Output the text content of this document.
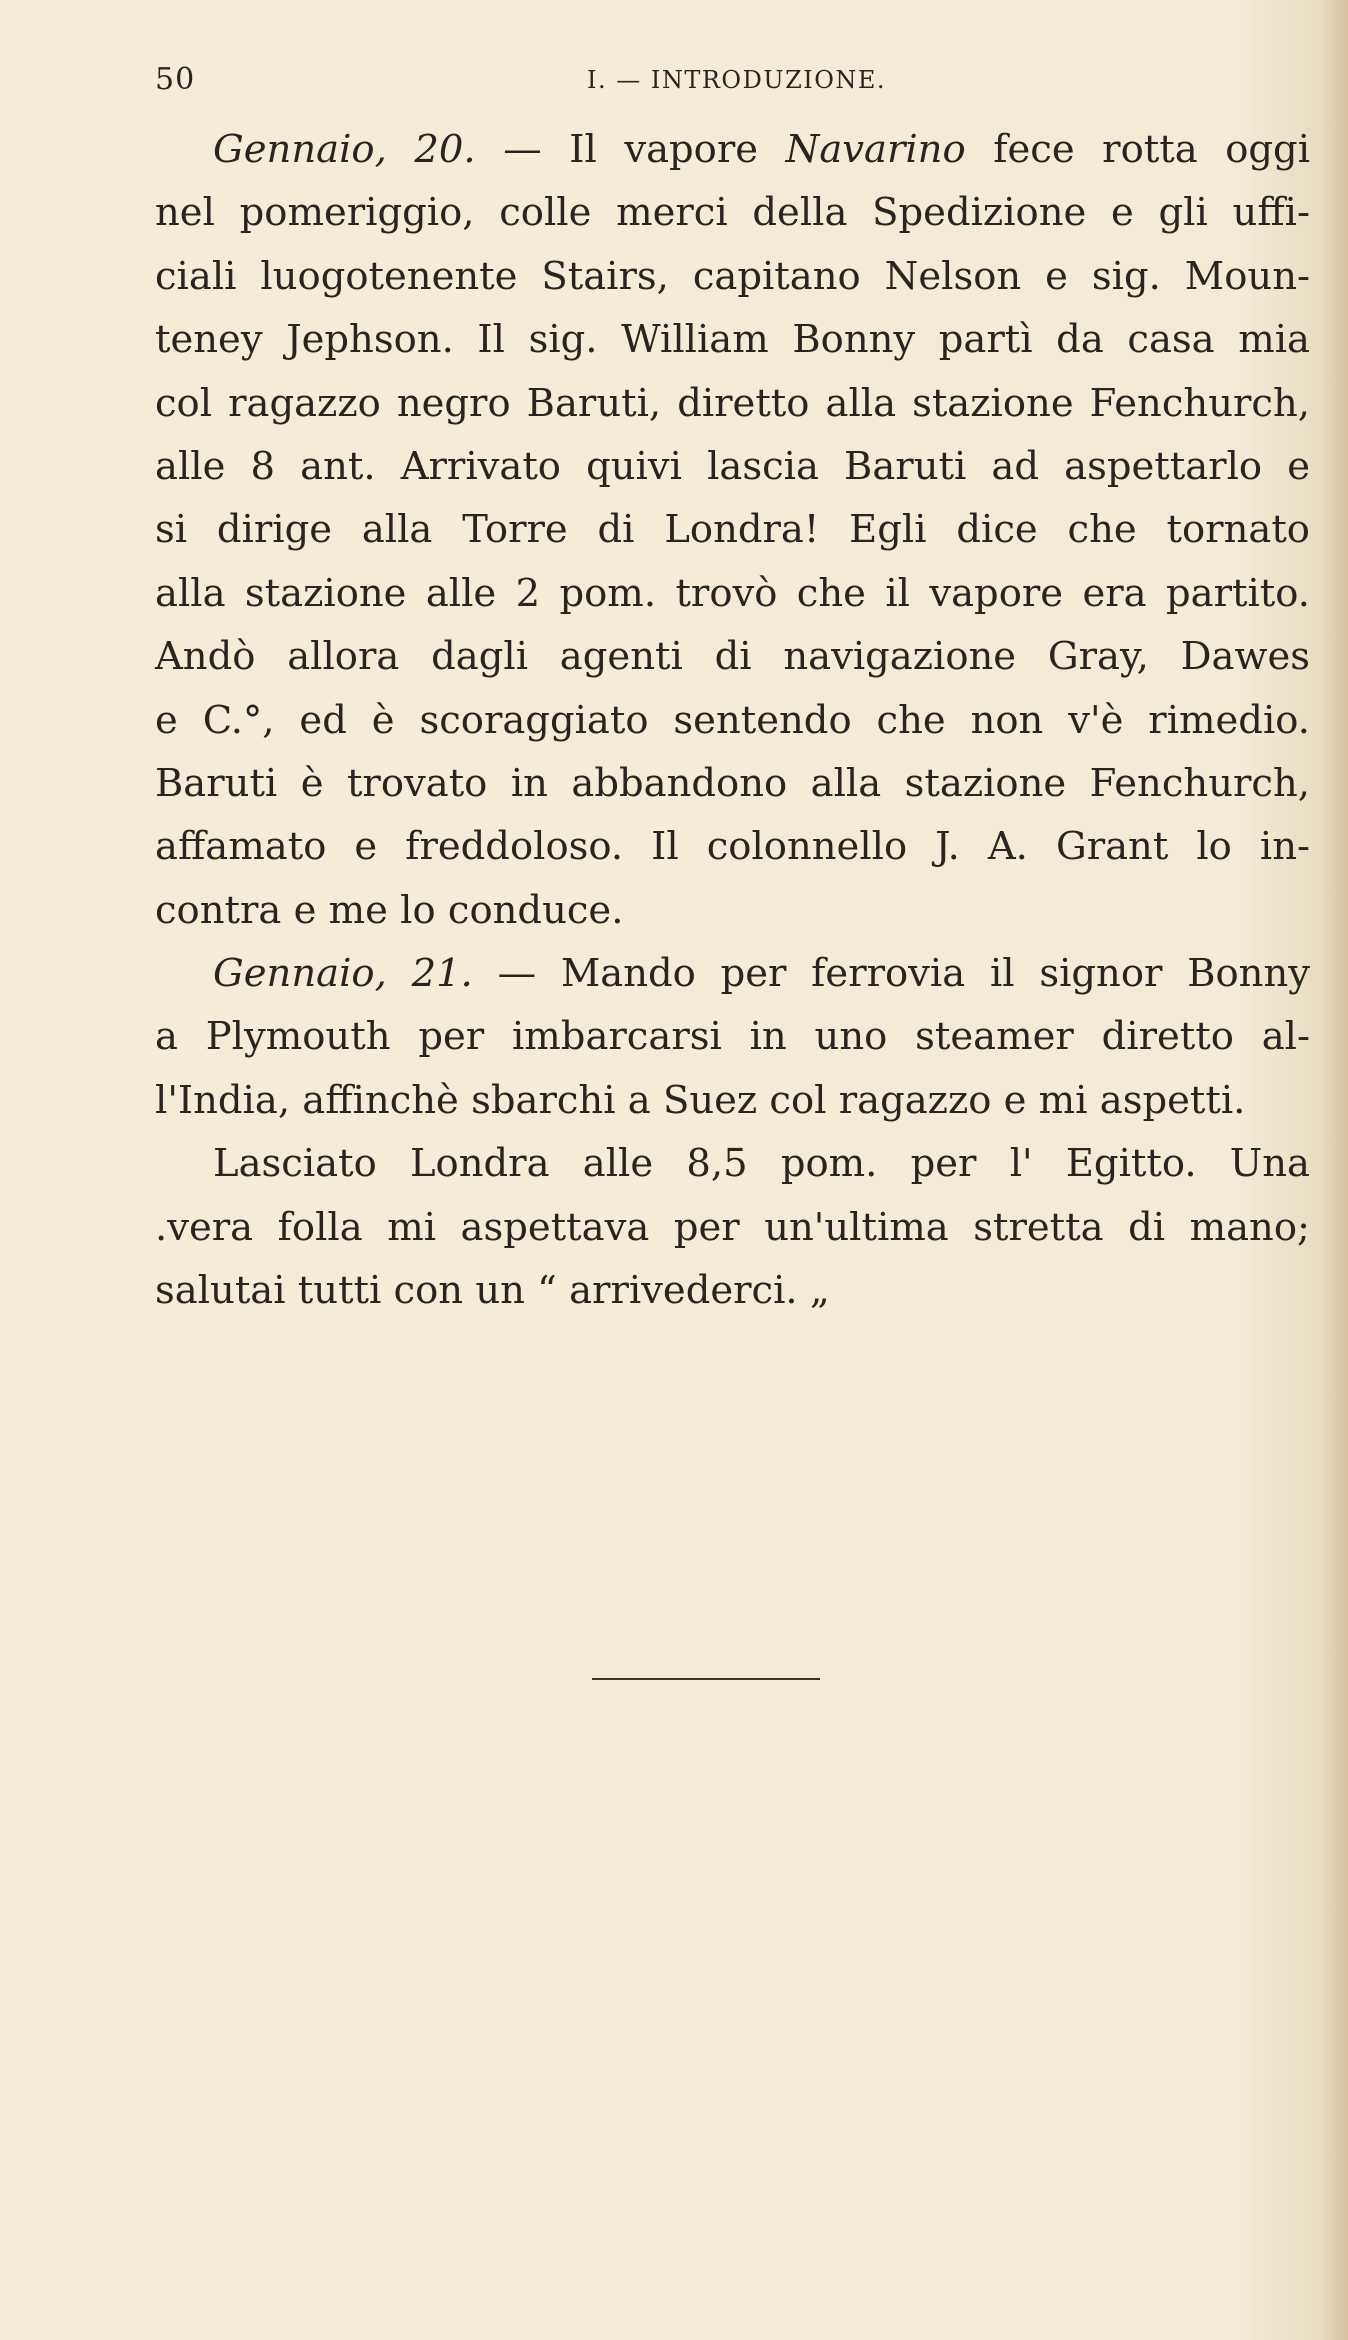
50	I. — INTRODUZIONE.
Gennaio, 20. — Il vapore Navarino fece rotta oggi
nel pomeriggio, colle merci della Spedizione e gli uffi-
ciali luogotenente Stairs, capitano Nelson e sig. Moun-
teney Jephson. Il sig. William Bonny partì da casa mia
col ragazzo negro Baruti, diretto alla stazione Fenchurch,
alle 8 ant. Arrivato quivi lascia Baruti ad aspettarlo e
si dirige alla Torre di Londra! Egli dice che tornato
alla stazione alle 2 pom. trovò che il vapore era partito.
Andò allora dagli agenti di navigazione Gray, Dawes
e C.°, ed è scoraggiato sentendo che non v'è rimedio.
Baruti è trovato in abbandono alla stazione Fenchurch,
affamato e freddoloso. Il colonnello J. A. Grant lo in-
contra e me lo conduce.
Gennaio, 21. — Mando per ferrovia il signor Bonny
a Plymouth per imbarcarsi in uno steamer diretto al-
l'India, affinchè sbarchi a Suez col ragazzo e mi aspetti.
Lasciato Londra alle 8,5 pom. per l' Egitto. Una
.vera folla mi aspettava per un'ultima stretta di mano;
salutai tutti con un “ arrivederci. „
